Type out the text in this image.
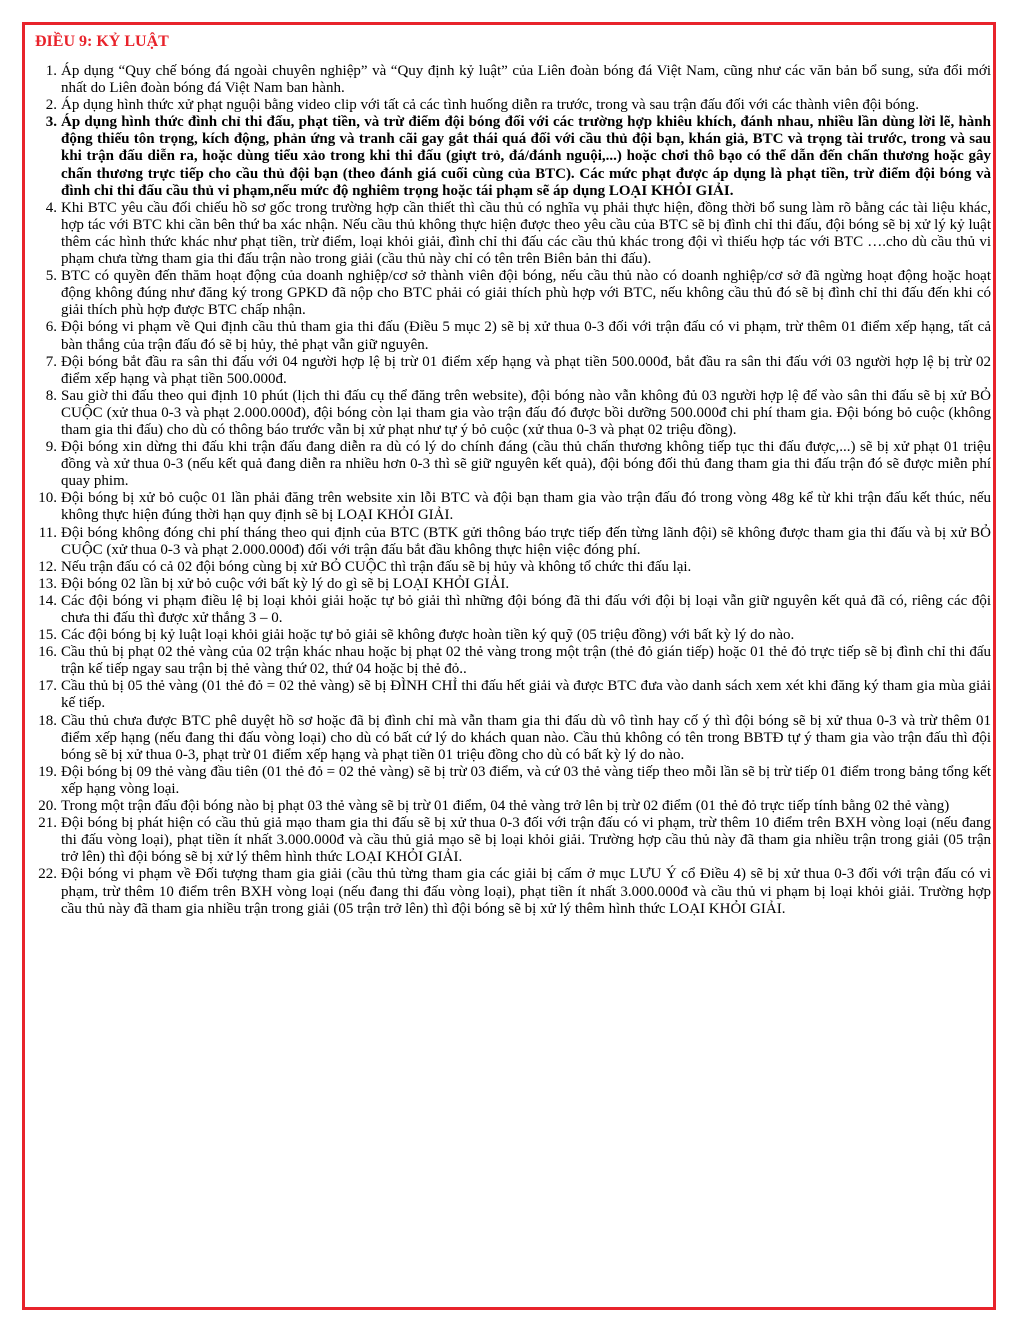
ĐIỀU 9: KỶ LUẬT
1. Áp dụng “Quy chế bóng đá ngoài chuyên nghiệp” và “Quy định kỷ luật” của Liên đoàn bóng đá Việt Nam, cũng như các văn bản bổ sung, sửa đổi mới nhất do Liên đoàn bóng đá Việt Nam ban hành.
2. Áp dụng hình thức xử phạt nguội bằng video clip với tất cả các tình huống diễn ra trước, trong và sau trận đấu đối với các thành viên đội bóng.
3. Áp dụng hình thức đình chỉ thi đấu, phạt tiền, và trừ điểm đội bóng đối với các trường hợp khiêu khích, đánh nhau, nhiều lần dùng lời lẽ, hành động thiếu tôn trọng, kích động, phản ứng và tranh cãi gay gắt thái quá đối với cầu thủ đội bạn, khán giả, BTC và trọng tài trước, trong và sau khi trận đấu diễn ra, hoặc dùng tiểu xảo trong khi thi đấu (giựt trỏ, đá/đánh nguội,...) hoặc chơi thô bạo có thể dẫn đến chấn thương hoặc gây chấn thương trực tiếp cho cầu thủ đội bạn (theo đánh giá cuối cùng của BTC). Các mức phạt được áp dụng là phạt tiền, trừ điểm đội bóng và đình chỉ thi đấu cầu thủ vi phạm,nếu mức độ nghiêm trọng hoặc tái phạm sẽ áp dụng LOẠI KHỎI GIẢI.
4. Khi BTC yêu cầu đối chiếu hồ sơ gốc trong trường hợp cần thiết thì cầu thủ có nghĩa vụ phải thực hiện, đồng thời bổ sung làm rõ bằng các tài liệu khác, hợp tác với BTC khi cần bên thứ ba xác nhận. Nếu cầu thủ không thực hiện được theo yêu cầu của BTC sẽ bị đình chỉ thi đấu, đội bóng sẽ bị xử lý kỷ luật thêm các hình thức khác như phạt tiền, trừ điểm, loại khỏi giải, đình chỉ thi đấu các cầu thủ khác trong đội vì thiếu hợp tác với BTC ….cho dù cầu thủ vi phạm chưa từng tham gia thi đấu trận nào trong giải (cầu thủ này chỉ có tên trên Biên bản thi đấu).
5. BTC có quyền đến thăm hoạt động của doanh nghiệp/cơ sở thành viên đội bóng, nếu cầu thủ nào có doanh nghiệp/cơ sở đã ngừng hoạt động hoặc hoạt động không đúng như đăng ký trong GPKD đã nộp cho BTC phải có giải thích phù hợp với BTC, nếu không cầu thủ đó sẽ bị đình chỉ thi đấu đến khi có giải thích phù hợp được BTC chấp nhận.
6. Đội bóng vi phạm về Qui định cầu thủ tham gia thi đấu (Điều 5 mục 2) sẽ bị xử thua 0-3 đối với trận đấu có vi phạm, trừ thêm 01 điểm xếp hạng, tất cả bàn thắng của trận đấu đó sẽ bị hủy, thẻ phạt vẫn giữ nguyên.
7. Đội bóng bắt đầu ra sân thi đấu với 04 người hợp lệ bị trừ 01 điểm xếp hạng và phạt tiền 500.000đ, bắt đầu ra sân thi đấu với 03 người hợp lệ bị trừ 02 điểm xếp hạng và phạt tiền 500.000đ.
8. Sau giờ thi đấu theo qui định 10 phút (lịch thi đấu cụ thể đăng trên website), đội bóng nào vẫn không đủ 03 người hợp lệ để vào sân thi đấu sẽ bị xử BỎ CUỘC (xử thua 0-3 và phạt 2.000.000đ), đội bóng còn lại tham gia vào trận đấu đó được bồi dưỡng 500.000đ chi phí tham gia. Đội bóng bỏ cuộc (không tham gia thi đấu) cho dù có thông báo trước vẫn bị xử phạt như tự ý bỏ cuộc (xử thua 0-3 và phạt 02 triệu đồng).
9. Đội bóng xin dừng thi đấu khi trận đấu đang diễn ra dù có lý do chính đáng (cầu thủ chấn thương không tiếp tục thi đấu được,...) sẽ bị xử phạt 01 triệu đồng và xử thua 0-3 (nếu kết quả đang diễn ra nhiều hơn 0-3 thì sẽ giữ nguyên kết quả), đội bóng đối thủ đang tham gia thi đấu trận đó sẽ được miễn phí quay phim.
10. Đội bóng bị xử bỏ cuộc 01 lần phải đăng trên website xin lỗi BTC và đội bạn tham gia vào trận đấu đó trong vòng 48g kể từ khi trận đấu kết thúc, nếu không thực hiện đúng thời hạn quy định sẽ bị LOẠI KHỎI GIẢI.
11. Đội bóng không đóng chi phí tháng theo qui định của BTC (BTK gửi thông báo trực tiếp đến từng lãnh đội) sẽ không được tham gia thi đấu và bị xử BỎ CUỘC (xử thua 0-3 và phạt 2.000.000đ) đối với trận đấu bắt đầu không thực hiện việc đóng phí.
12. Nếu trận đấu có cả 02 đội bóng cùng bị xử BỎ CUỘC thì trận đấu sẽ bị hủy và không tổ chức thi đấu lại.
13. Đội bóng 02 lần bị xử bỏ cuộc với bất kỳ lý do gì sẽ bị LOẠI KHỎI GIẢI.
14. Các đội bóng vi phạm điều lệ bị loại khỏi giải hoặc tự bỏ giải thì những đội bóng đã thi đấu với đội bị loại vẫn giữ nguyên kết quả đã có, riêng các đội chưa thi đấu thì được xử thắng 3 – 0.
15. Các đội bóng bị kỷ luật loại khỏi giải hoặc tự bỏ giải sẽ không được hoàn tiền ký quỹ (05 triệu đồng) với bất kỳ lý do nào.
16. Cầu thủ bị phạt 02 thẻ vàng của 02 trận khác nhau hoặc bị phạt 02 thẻ vàng trong một trận (thẻ đỏ gián tiếp) hoặc 01 thẻ đỏ trực tiếp sẽ bị đình chỉ thi đấu trận kế tiếp ngay sau trận bị thẻ vàng thứ 02, thứ 04 hoặc bị thẻ đỏ..
17. Cầu thủ bị 05 thẻ vàng (01 thẻ đỏ = 02 thẻ vàng) sẽ bị ĐÌNH CHỈ thi đấu hết giải và được BTC đưa vào danh sách xem xét khi đăng ký tham gia mùa giải kế tiếp.
18. Cầu thủ chưa được BTC phê duyệt hồ sơ hoặc đã bị đình chỉ mà vẫn tham gia thi đấu dù vô tình hay cố ý thì đội bóng sẽ bị xử thua 0-3 và trừ thêm 01 điểm xếp hạng (nếu đang thi đấu vòng loại) cho dù có bất cứ lý do khách quan nào. Cầu thủ không có tên trong BBTĐ tự ý tham gia vào trận đấu thì đội bóng sẽ bị xử thua 0-3, phạt trừ 01 điểm xếp hạng và phạt tiền 01 triệu đồng cho dù có bất kỳ lý do nào.
19. Đội bóng bị 09 thẻ vàng đầu tiên (01 thẻ đỏ = 02 thẻ vàng) sẽ bị trừ 03 điểm, và cứ 03 thẻ vàng tiếp theo mỗi lần sẽ bị trừ tiếp 01 điểm trong bảng tổng kết xếp hạng vòng loại.
20. Trong một trận đấu đội bóng nào bị phạt 03 thẻ vàng sẽ bị trừ 01 điểm, 04 thẻ vàng trở lên bị trừ 02 điểm (01 thẻ đỏ trực tiếp tính bằng 02 thẻ vàng)
21. Đội bóng bị phát hiện có cầu thủ giả mạo tham gia thi đấu sẽ bị xử thua 0-3 đối với trận đấu có vi phạm, trừ thêm 10 điểm trên BXH vòng loại (nếu đang thi đấu vòng loại), phạt tiền ít nhất 3.000.000đ và cầu thủ giả mạo sẽ bị loại khỏi giải. Trường hợp cầu thủ này đã tham gia nhiều trận trong giải (05 trận trở lên) thì đội bóng sẽ bị xử lý thêm hình thức LOẠI KHỎI GIẢI.
22. Đội bóng vi phạm về Đối tượng tham gia giải (cầu thủ từng tham gia các giải bị cấm ở mục LƯU Ý cổ Điều 4) sẽ bị xử thua 0-3 đối với trận đấu có vi phạm, trừ thêm 10 điểm trên BXH vòng loại (nếu đang thi đấu vòng loại), phạt tiền ít nhất 3.000.000đ và cầu thủ vi phạm bị loại khỏi giải. Trường hợp cầu thủ này đã tham gia nhiều trận trong giải (05 trận trở lên) thì đội bóng sẽ bị xử lý thêm hình thức LOẠI KHỎI GIẢI.
